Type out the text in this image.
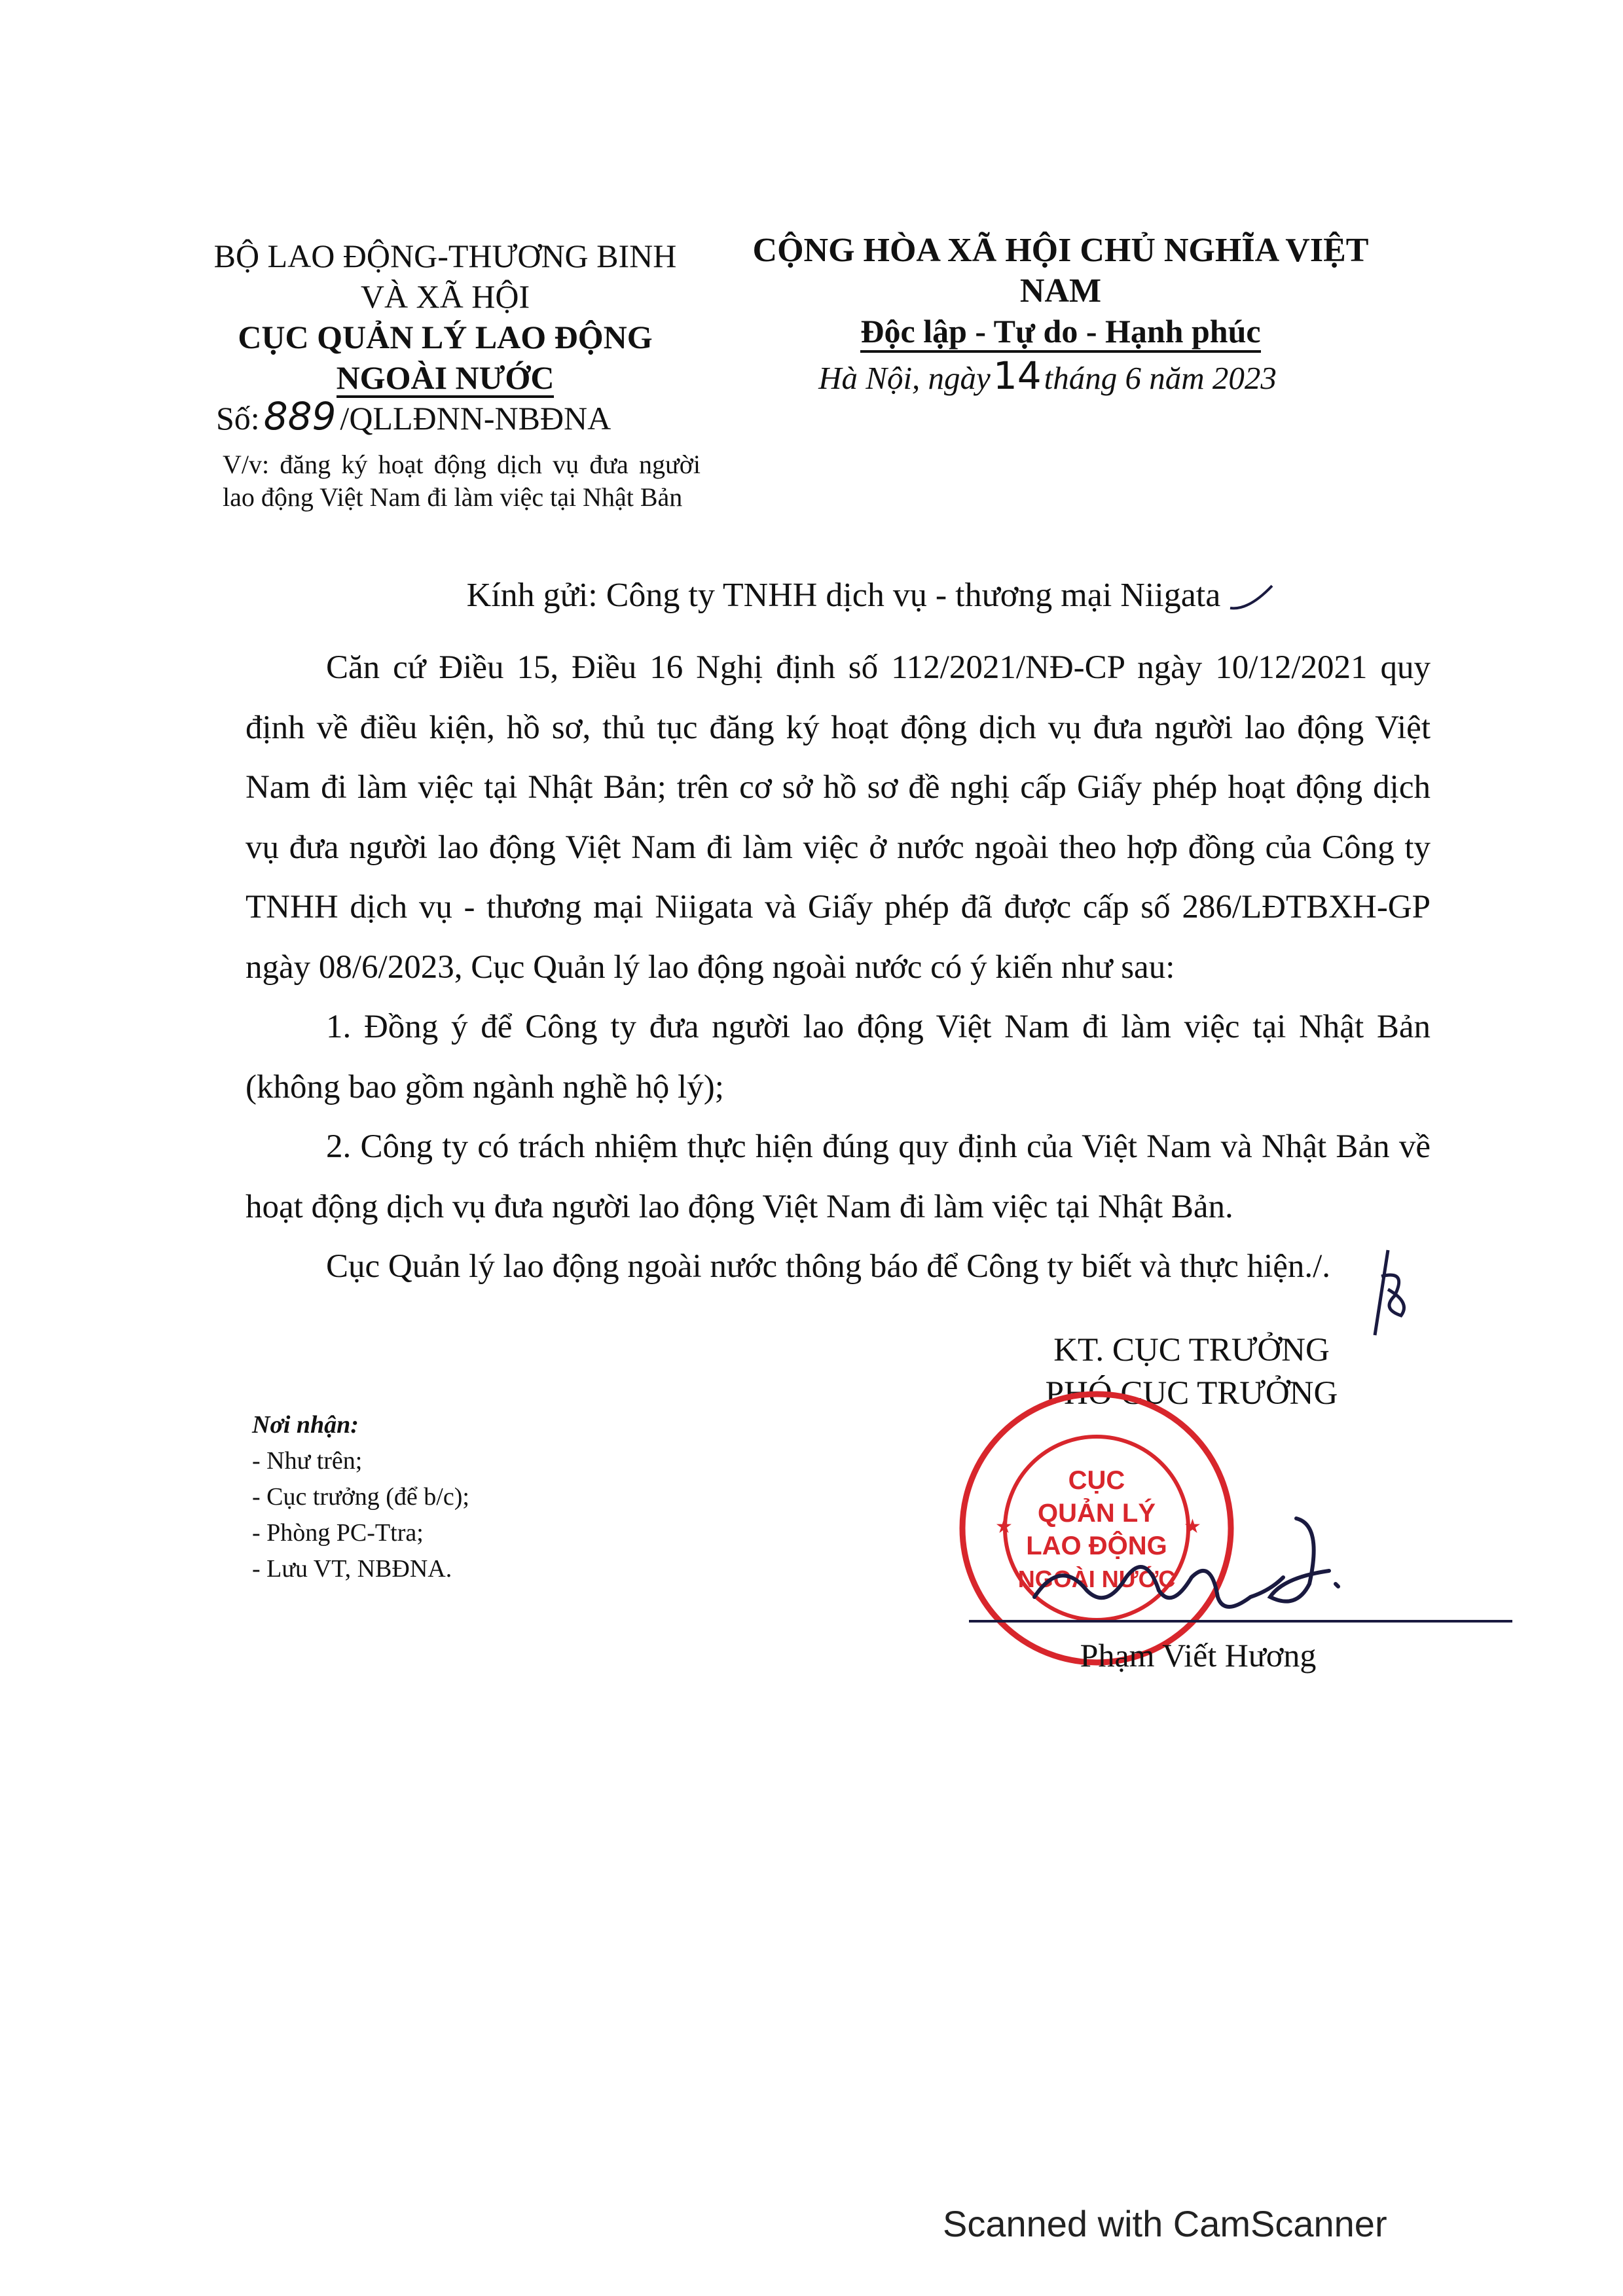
BỘ LAO ĐỘNG-THƯƠNG BINH
VÀ XÃ HỘI
CỤC QUẢN LÝ LAO ĐỘNG
NGOÀI NƯỚC
Số: 889 /QLLĐNN-NBĐNA
V/v: đăng ký hoạt động dịch vụ đưa người lao động Việt Nam đi làm việc tại Nhật Bản
CỘNG HÒA XÃ HỘI CHỦ NGHĨA VIỆT NAM
Độc lập - Tự do - Hạnh phúc
Hà Nội, ngày14tháng 6 năm 2023
Kính gửi: Công ty TNHH dịch vụ - thương mại Niigata

Căn cứ Điều 15, Điều 16 Nghị định số 112/2021/NĐ-CP ngày 10/12/2021 quy định về điều kiện, hồ sơ, thủ tục đăng ký hoạt động dịch vụ đưa người lao động Việt Nam đi làm việc tại Nhật Bản; trên cơ sở hồ sơ đề nghị cấp Giấy phép hoạt động dịch vụ đưa người lao động Việt Nam đi làm việc ở nước ngoài theo hợp đồng của Công ty TNHH dịch vụ - thương mại Niigata và Giấy phép đã được cấp số 286/LĐTBXH-GP ngày 08/6/2023, Cục Quản lý lao động ngoài nước có ý kiến như sau:

1. Đồng ý để Công ty đưa người lao động Việt Nam đi làm việc tại Nhật Bản (không bao gồm ngành nghề hộ lý);

2. Công ty có trách nhiệm thực hiện đúng quy định của Việt Nam và Nhật Bản về hoạt động dịch vụ đưa người lao động Việt Nam đi làm việc tại Nhật Bản.

Cục Quản lý lao động ngoài nước thông báo để Công ty biết và thực hiện./.

Nơi nhận:
- Như trên;
- Cục trưởng (để b/c);
- Phòng PC-Ttra;
- Lưu VT, NBĐNA.
KT. CỤC TRƯỞNG
PHÓ CỤC TRƯỞNG
★	★
CỤC
QUẢN LÝ
LAO ĐỘNG
NGOÀI NƯỚC
Phạm Viết Hương
Scanned with CamScanner
